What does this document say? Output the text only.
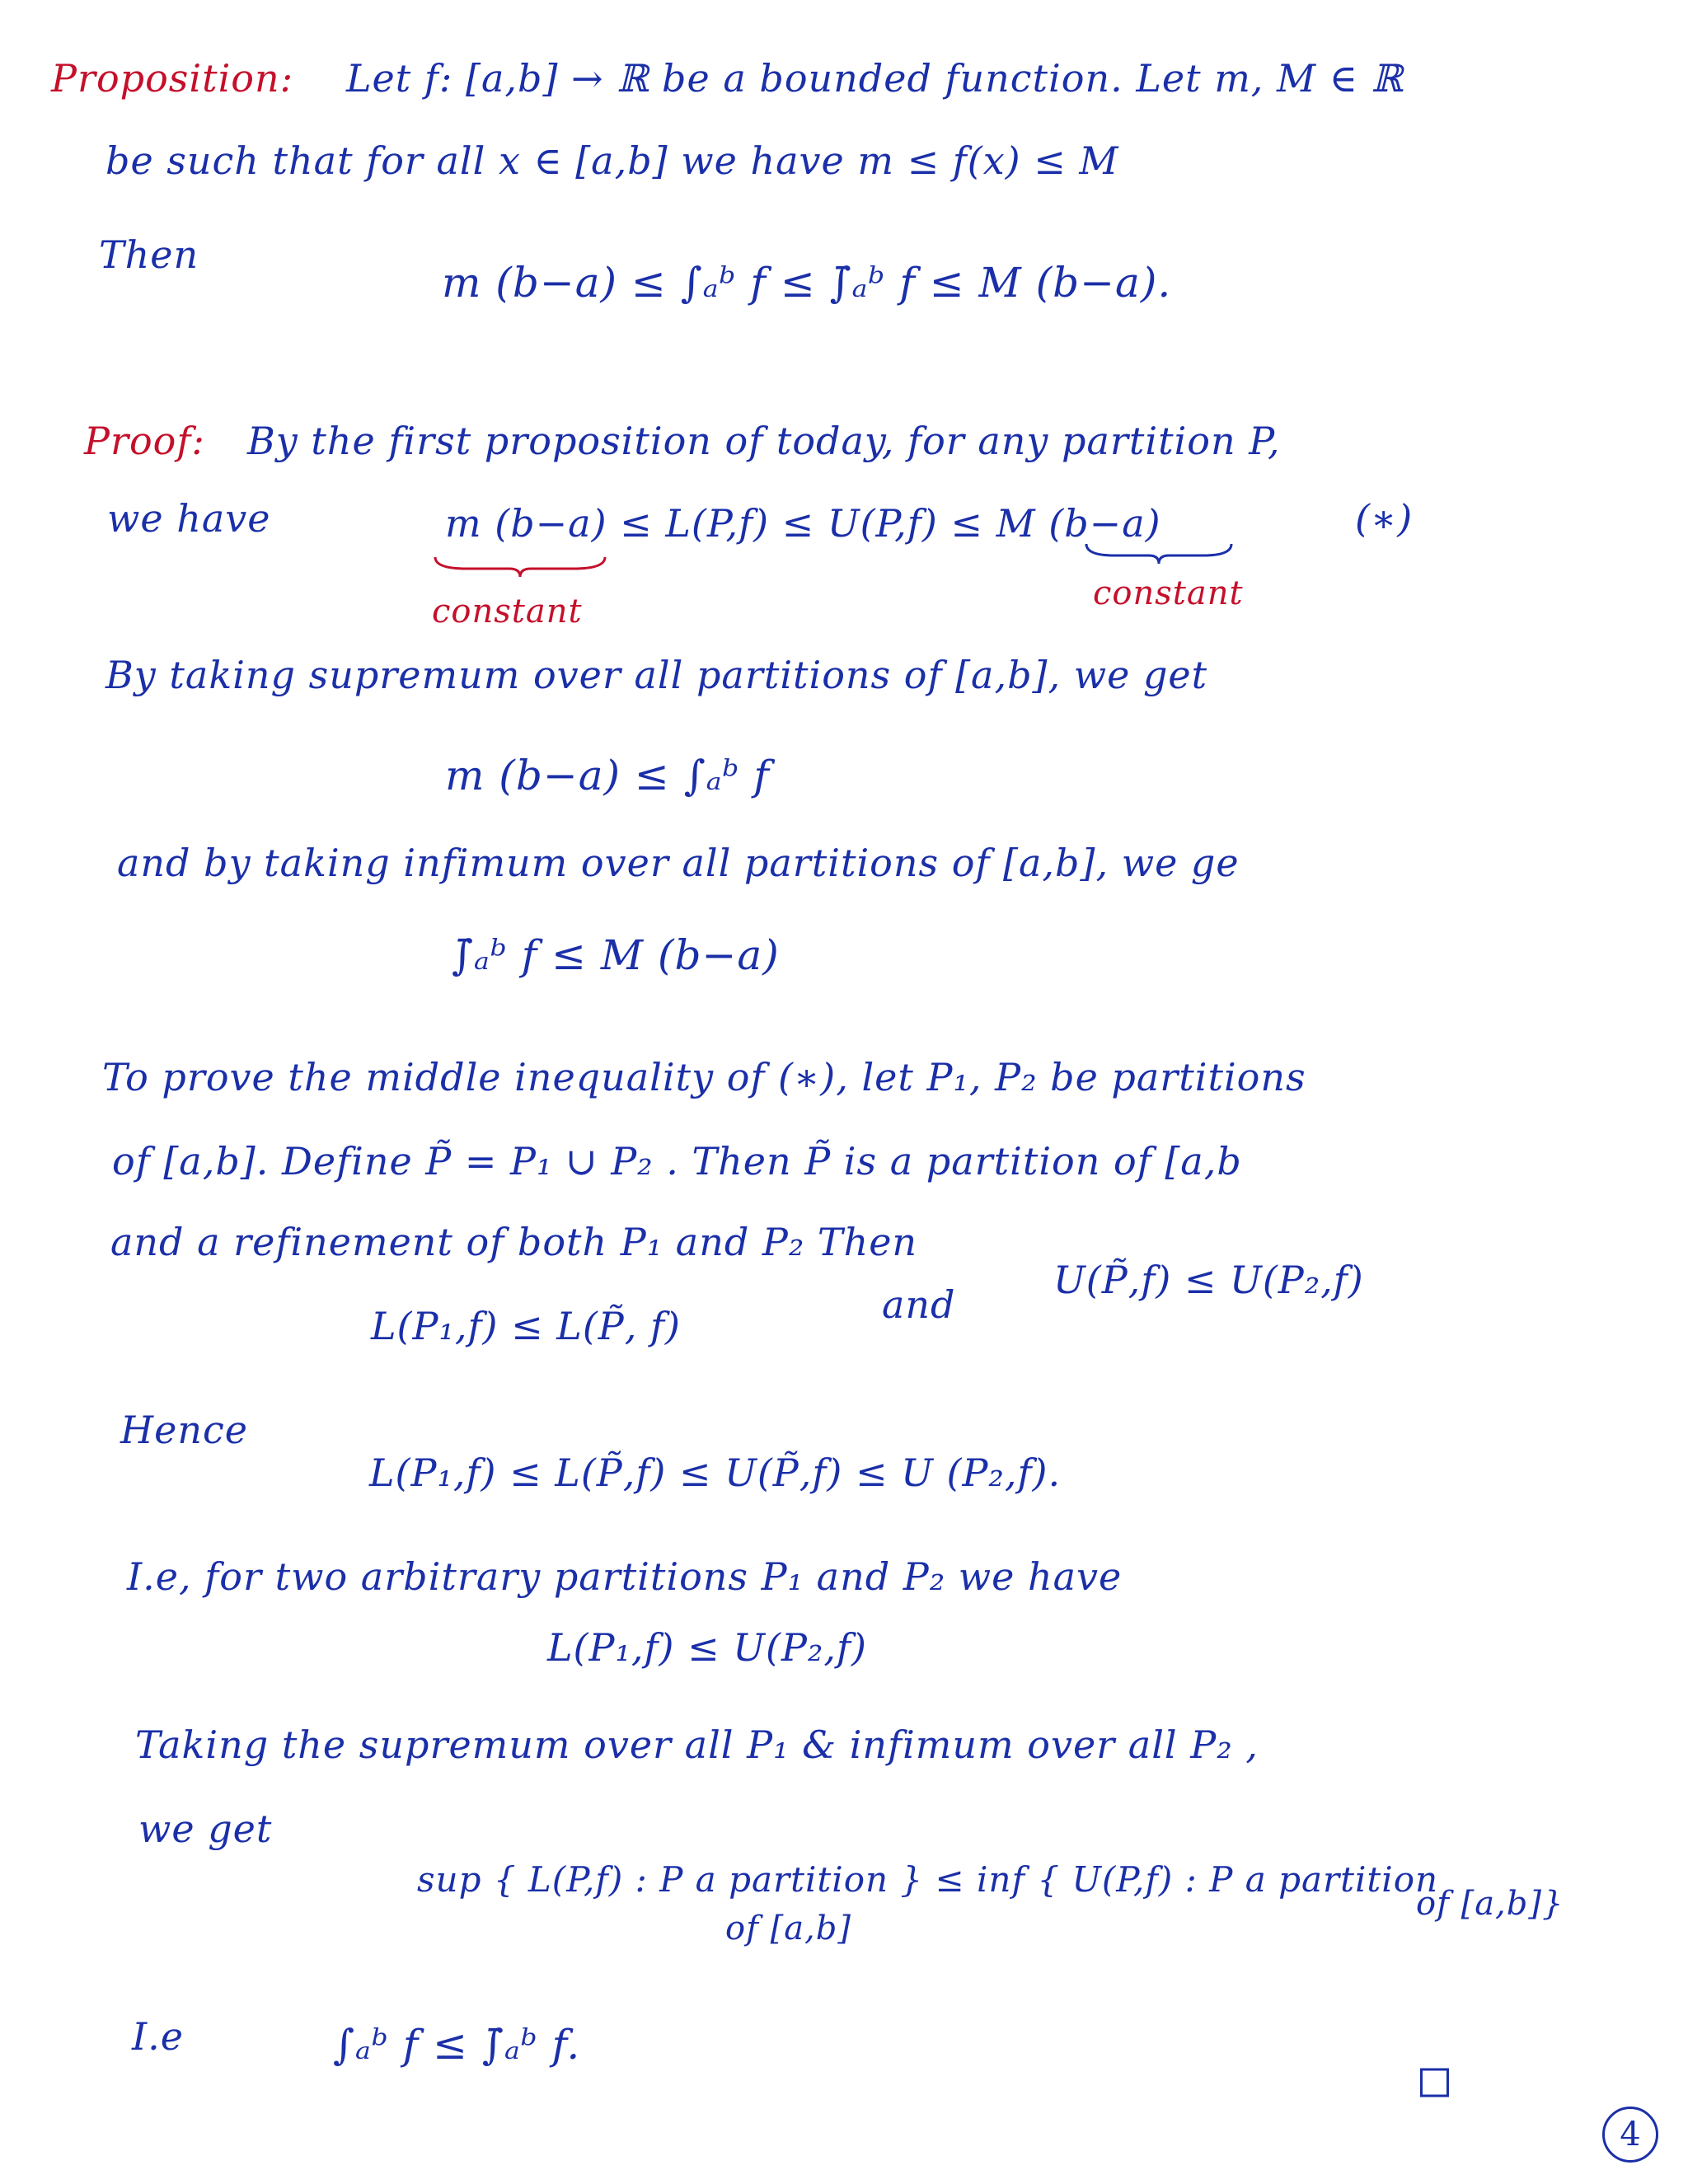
Proposition: Let f: [a,b] → ℝ be a bounded function. Let m, M ∈ ℝ
be such that for all x ∈ [a,b] we have m ≤ f(x) ≤ M
Then
m (b−a) ≤ ∫ₐᵇ f ≤ ∫̄ₐᵇ f ≤ M (b−a).
Proof: By the first proposition of today, for any partition P,
we have	m (b−a) ≤ L(P,f) ≤ U(P,f) ≤ M (b−a)	(∗)
constant	constant
By taking supremum over all partitions of [a,b], we get
m (b−a) ≤ ∫ₐᵇ f
and by taking infimum over all partitions of [a,b], we ge
∫̄ₐᵇ f ≤ M (b−a)
To prove the middle inequality of (∗), let P₁, P₂ be partitions
of [a,b]. Define P̃ = P₁ ∪ P₂ . Then P̃ is a partition of [a,b
and a refinement of both P₁ and P₂ Then
L(P₁,f) ≤ L(P̃, f)	and
U(P̃,f) ≤ U(P₂,f)
Hence
L(P₁,f) ≤ L(P̃,f) ≤ U(P̃,f) ≤ U (P₂,f).
I.e, for two arbitrary partitions P₁ and P₂ we have
L(P₁,f) ≤ U(P₂,f)
Taking the supremum over all P₁ & infimum over all P₂ ,
we get
sup { L(P,f) : P a partition } ≤ inf { U(P,f) : P a partition
of [a,b]
of [a,b]}
I.e	∫ₐᵇ f ≤ ∫̄ₐᵇ f.
◻
4
